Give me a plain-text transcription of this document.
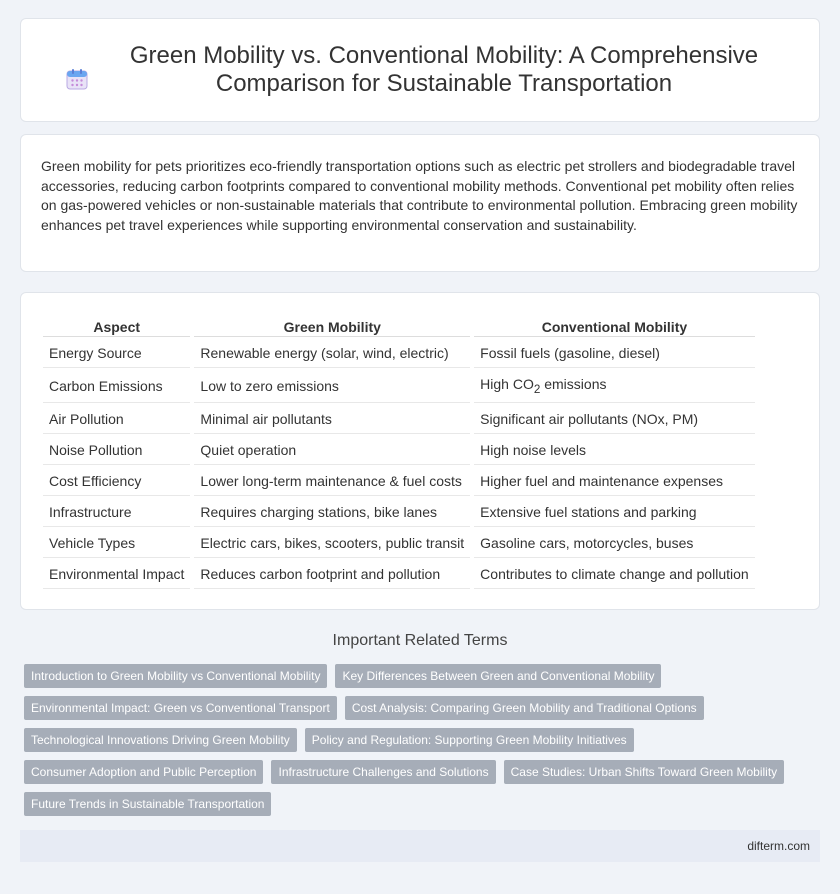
Green Mobility vs. Conventional Mobility: A Comprehensive Comparison for Sustainable Transportation

Green mobility for pets prioritizes eco-friendly transportation options such as electric pet strollers and biodegradable travel accessories, reducing carbon footprints compared to conventional mobility methods. Conventional pet mobility often relies on gas-powered vehicles or non-sustainable materials that contribute to environmental pollution. Embracing green mobility enhances pet travel experiences while supporting environmental conservation and sustainability.

Aspect	Green Mobility	Conventional Mobility
Energy Source	Renewable energy (solar, wind, electric)	Fossil fuels (gasoline, diesel)
Carbon Emissions	Low to zero emissions	High $CO_2$ emissions
Air Pollution	Minimal air pollutants	Significant air pollutants (NOx, PM)
Noise Pollution	Quiet operation	High noise levels
Cost Efficiency	Lower long-term maintenance & fuel costs	Higher fuel and maintenance expenses
Infrastructure	Requires charging stations, bike lanes	Extensive fuel stations and parking
Vehicle Types	Electric cars, bikes, scooters, public transit	Gasoline cars, motorcycles, buses
Environmental Impact	Reduces carbon footprint and pollution	Contributes to climate change and pollution
Important Related Terms
Introduction to Green Mobility vs Conventional Mobility	Key Differences Between Green and Conventional Mobility
Environmental Impact: Green vs Conventional Transport	Cost Analysis: Comparing Green Mobility and Traditional Options
Technological Innovations Driving Green Mobility	Policy and Regulation: Supporting Green Mobility Initiatives
Consumer Adoption and Public Perception	Infrastructure Challenges and Solutions	Case Studies: Urban Shifts Toward Green Mobility
Future Trends in Sustainable Transportation
difterm.com
